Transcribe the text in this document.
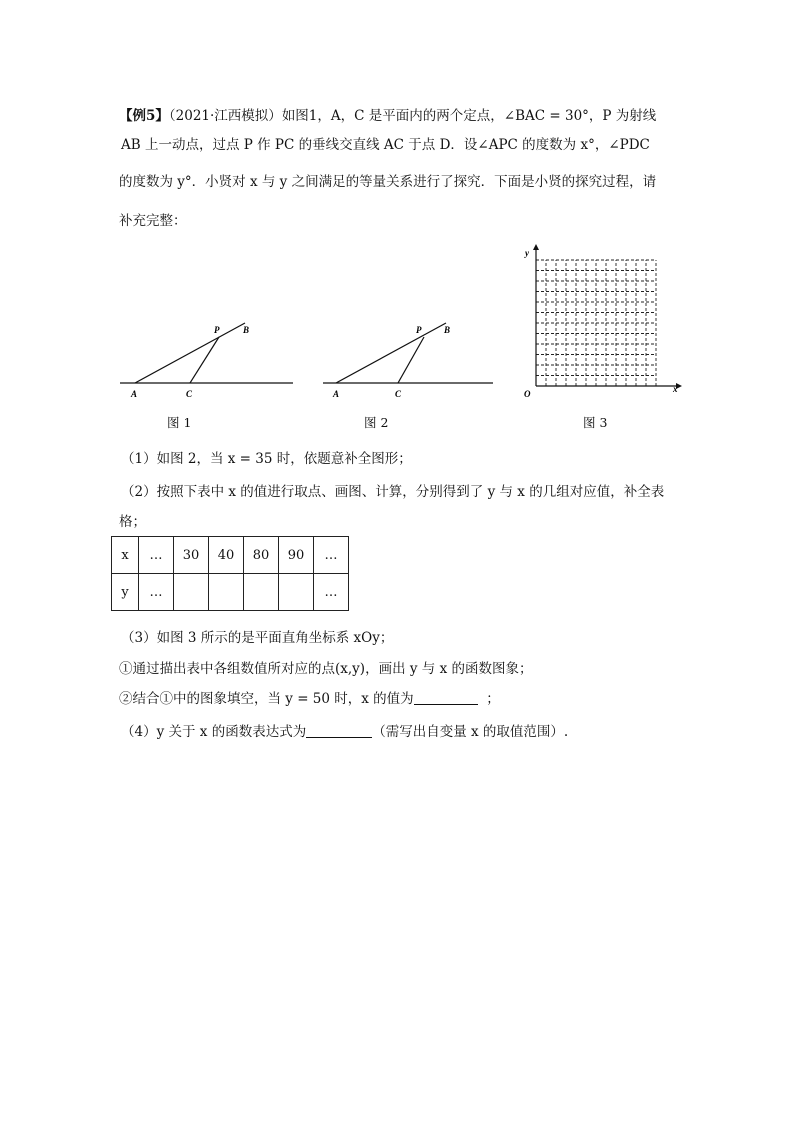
【例5】（2021·江西模拟）如图1，A，C 是平面内的两个定点，∠BAC = 30°，P 为射线
AB 上一动点，过点 P 作 PC 的垂线交直线 AC 于点 D．设∠APC 的度数为 x°，∠PDC
的度数为 y°．小贤对 x 与 y 之间满足的等量关系进行了探究．下面是小贤的探究过程，请
补充完整：
P	B
A	C
图 1
P	B
A	C
图 2
y
x
O
图 3
（1）如图 2，当 x = 35 时，依题意补全图形；
（2）按照下表中 x 的值进行取点、画图、计算，分别得到了 y 与 x 的几组对应值，补全表
格；
x	…	30	40	80	90	…
y	…					…
（3）如图 3 所示的是平面直角坐标系 xOy；
①通过描出表中各组数值所对应的点(x,y)，画出 y 与 x 的函数图象；
②结合①中的图象填空，当 y = 50 时，x 的值为	；
（4）y 关于 x 的函数表达式为	（需写出自变量 x 的取值范围）.
